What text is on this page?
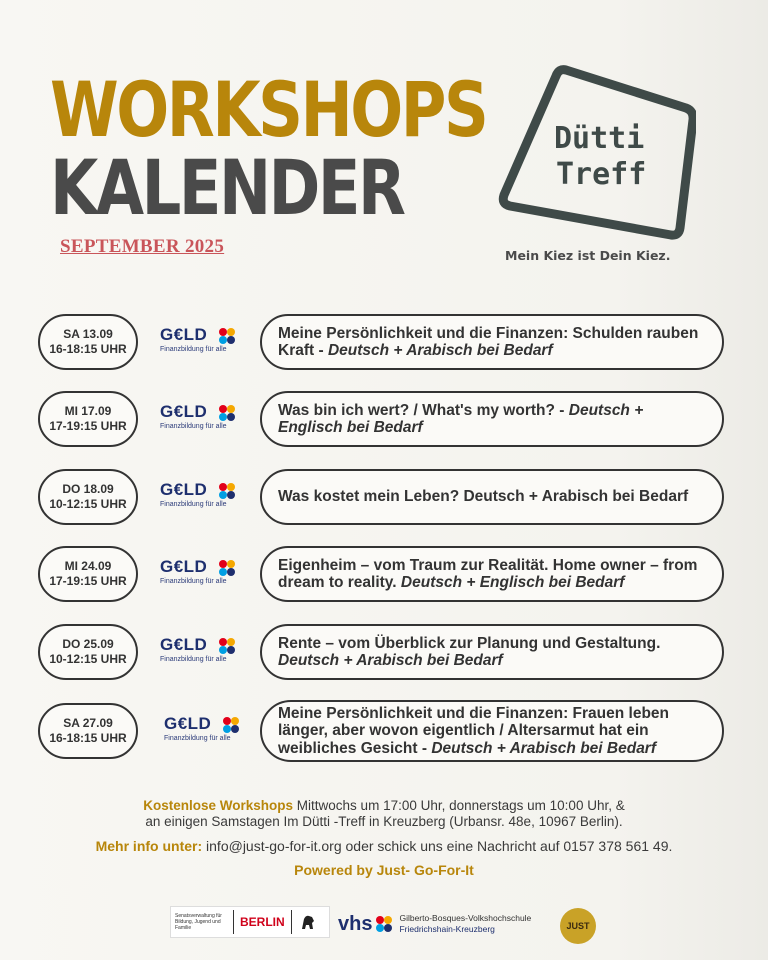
WORKSHOPS
KALENDER
SEPTEMBER 2025
Dütti
Treff
Mein Kiez ist Dein Kiez.
SA 13.09
16-18:15 UHR
G€LD
Finanzbildung für alle
Meine Persönlichkeit und die Finanzen: Schulden rauben Kraft - Deutsch + Arabisch bei Bedarf
MI 17.09
17-19:15 UHR
G€LD
Finanzbildung für alle
Was bin ich wert? / What's my worth? - Deutsch + Englisch bei Bedarf
DO 18.09
10-12:15 UHR
G€LD
Finanzbildung für alle	Was kostet mein Leben? Deutsch + Arabisch bei Bedarf
MI 24.09
17-19:15 UHR
G€LD
Finanzbildung für alle
Eigenheim – vom Traum zur Realität. Home owner – from dream to reality. Deutsch + Englisch bei Bedarf
DO 25.09
10-12:15 UHR
G€LD
Finanzbildung für alle
Rente – vom Überblick zur Planung und Gestaltung. Deutsch + Arabisch bei Bedarf
SA 27.09
16-18:15 UHR
G€LD
Finanzbildung für alle
Meine Persönlichkeit und die Finanzen: Frauen leben länger, aber wovon eigentlich / Altersarmut hat ein weibliches Gesicht - Deutsch + Arabisch bei Bedarf
Kostenlose Workshops Mittwochs um 17:00 Uhr, donnerstags um 10:00 Uhr, &
an einigen Samstagen Im Dütti -Treff in Kreuzberg (Urbansr. 48e, 10967 Berlin).
Mehr info unter: info@just-go-for-it.org oder schick uns eine Nachricht auf 0157 378 561 49.
Powered by Just- Go-For-It
Senatsverwaltung für Bildung, Jugend und Familie	BERLIN	vhs	Gilberto-Bosques-Volkshochschule
Friedrichshain-Kreuzberg	JUST
